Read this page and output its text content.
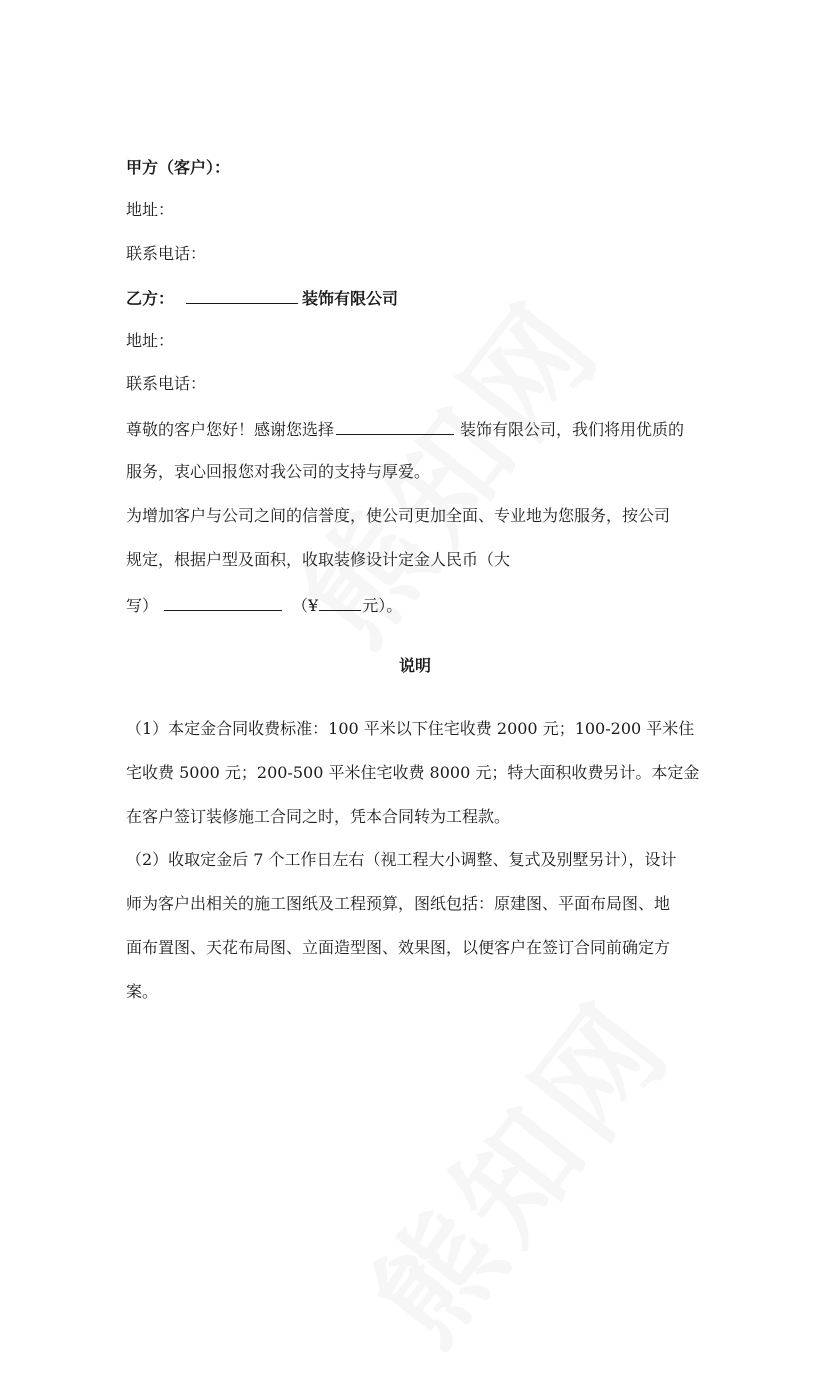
甲方（客户）：
地址：
联系电话：
乙方：	装饰有限公司
地址：
联系电话：
尊敬的客户您好！感谢您选择	装饰有限公司，我们将用优质的
服务，衷心回报您对我公司的支持与厚爱。
为增加客户与公司之间的信誉度，使公司更加全面、专业地为您服务，按公司
规定，根据户型及面积，收取装修设计定金人民币（大
写）	（¥	元）。
说明
（1）本定金合同收费标准：100 平米以下住宅收费 2000 元；100-200 平米住
宅收费 5000 元；200-500 平米住宅收费 8000 元；特大面积收费另计。本定金
在客户签订装修施工合同之时，凭本合同转为工程款。
（2）收取定金后 7 个工作日左右（视工程大小调整、复式及别墅另计），设计
师为客户出相关的施工图纸及工程预算，图纸包括：原建图、平面布局图、地
面布置图、天花布局图、立面造型图、效果图，以便客户在签订合同前确定方
案。
